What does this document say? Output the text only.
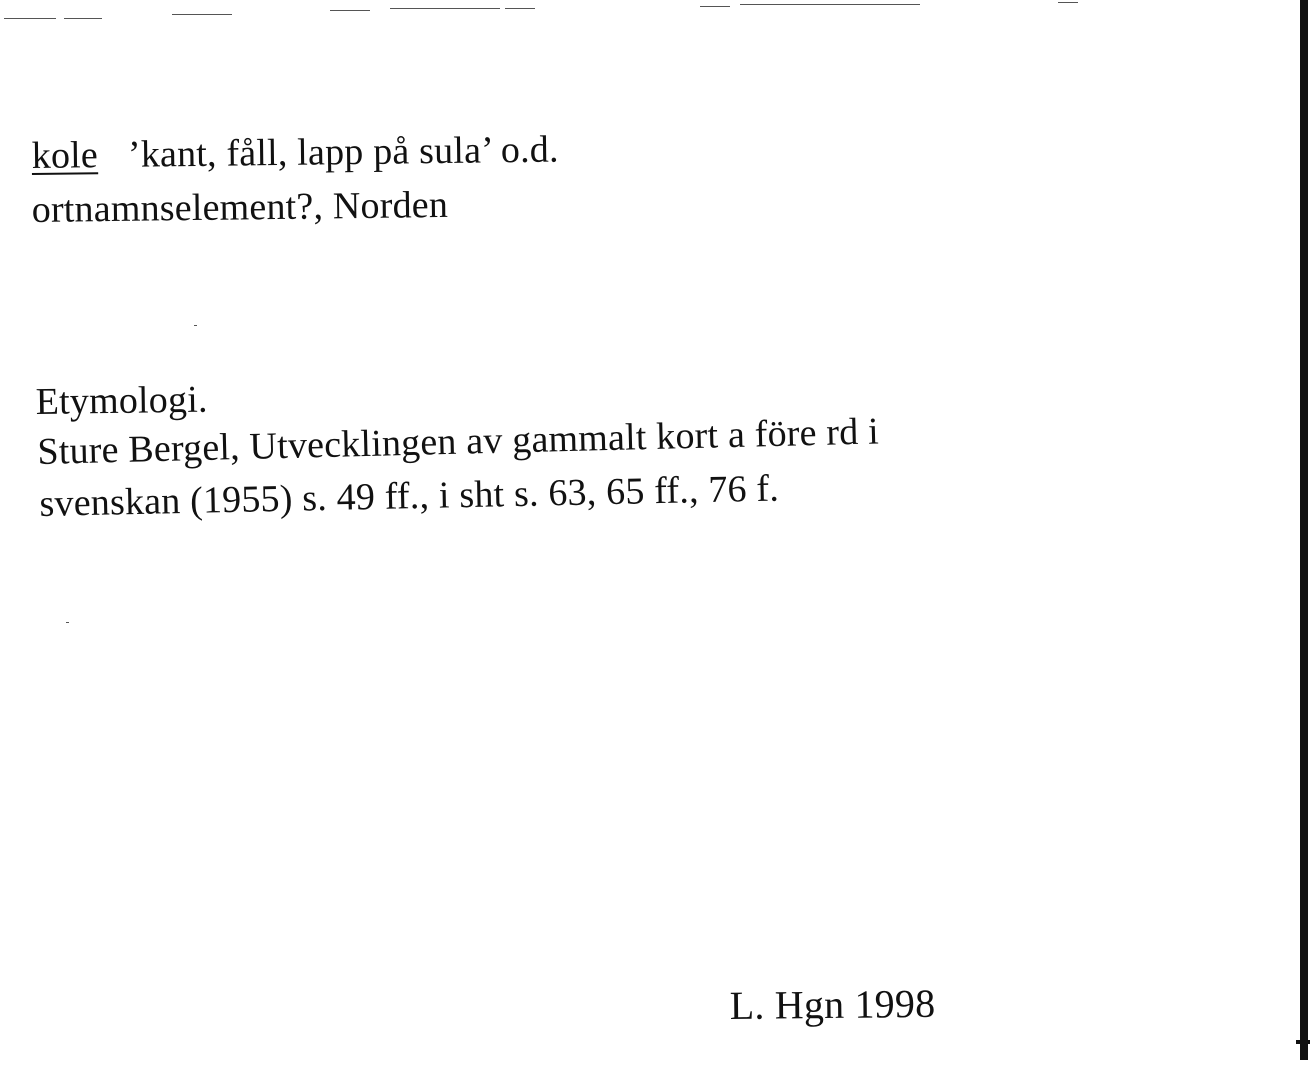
kole ’kant, fåll, lapp på sula’ o.d.
ortnamnselement?, Norden
Etymologi.
Sture Bergel, Utvecklingen av gammalt kort a före rd i
svenskan (1955) s. 49 ff., i sht s. 63, 65 ff., 76 f.
L. Hgn 1998
